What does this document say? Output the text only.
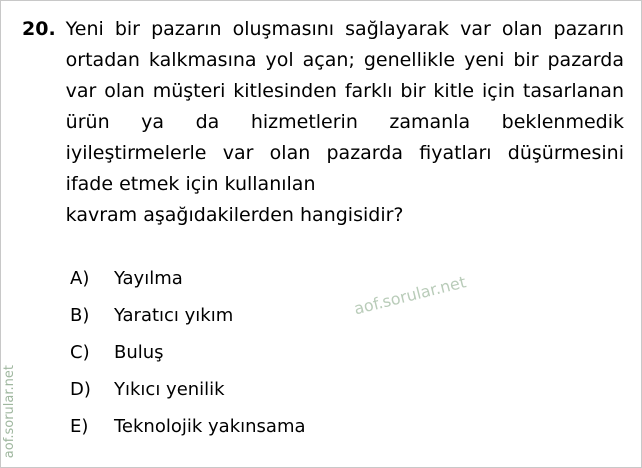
20. Yeni bir pazarın oluşmasını sağlayarak var olan pazarın ortadan kalkmasına yol açan; genellikle yeni bir pazarda var olan müşteri kitlesinden farklı bir kitle için tasarlanan ürün ya da hizmetlerin zamanla beklenmedik iyileştirmelerle var olan pazarda fiyatları düşürmesini ifade etmek için kullanılan
kavram aşağıdakilerden hangisidir?
A)	Yayılma
B)	Yaratıcı yıkım
C)	Buluş
D)	Yıkıcı yenilik
E)	Teknolojik yakınsama
aof.sorular.net
aof.sorular.net
